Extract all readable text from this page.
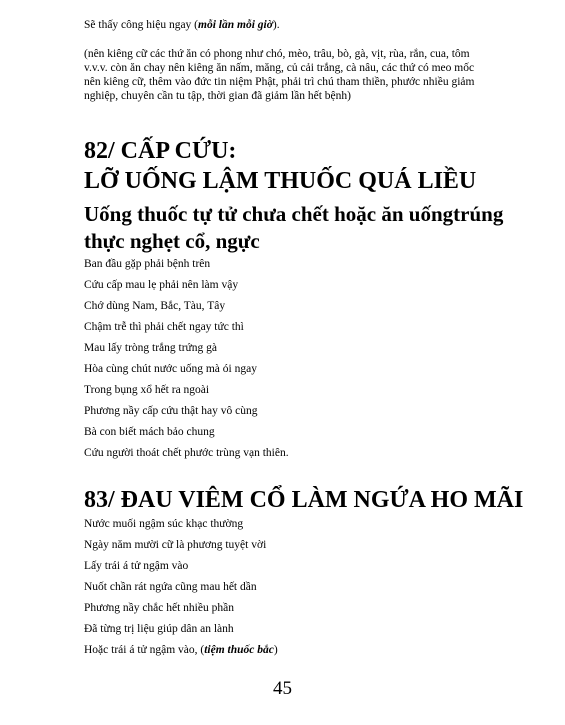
Sẽ thấy công hiệu ngay (mỗi lần mỗi giờ).
(nên kiêng cữ các thứ ăn có phong như chó, mèo, trâu, bò, gà, vịt, rùa, rắn, cua, tôm v.v.v. còn ăn chay nên kiêng ăn nấm, măng, củ cải trắng, cà nâu, các thứ có meo mốc nên kiêng cữ, thêm vào đức tin niệm Phật, phải trì chú tham thiền, phước nhiều giảm nghiệp, chuyên cần tu tập, thời gian đã giảm lần hết bệnh)
82/ CẤP CỨU:
LỠ UỐNG LẬM THUỐC QUÁ LIỀU
Uống thuốc tự tử chưa chết hoặc ăn uốngtrúng
thực nghẹt cổ, ngực
Ban đầu gặp phải bệnh trên
Cứu cấp mau lẹ phải nên làm vậy
Chớ dùng Nam, Bắc, Tàu, Tây
Chậm trễ thì phải chết ngay tức thì
Mau lấy tròng trắng trứng gà
Hòa cùng chút nước uống mà ói ngay
Trong bụng xổ hết ra ngoài
Phương nầy cấp cứu thật hay vô cùng
Bà con biết mách bảo chung
Cứu người thoát chết phước trùng vạn thiên.
83/ ĐAU VIÊM CỔ LÀM NGỨA HO MÃI
Nước muối ngậm súc khạc thường
Ngày năm mười cữ là phương tuyệt vời
Lấy trái á tử ngậm vào
Nuốt chần rát ngứa cũng mau hết dần
Phương nầy chắc hết nhiều phần
Đã từng trị liệu giúp dân an lành
Hoặc trái á tử ngậm vào, (tiệm thuốc bắc)
45
